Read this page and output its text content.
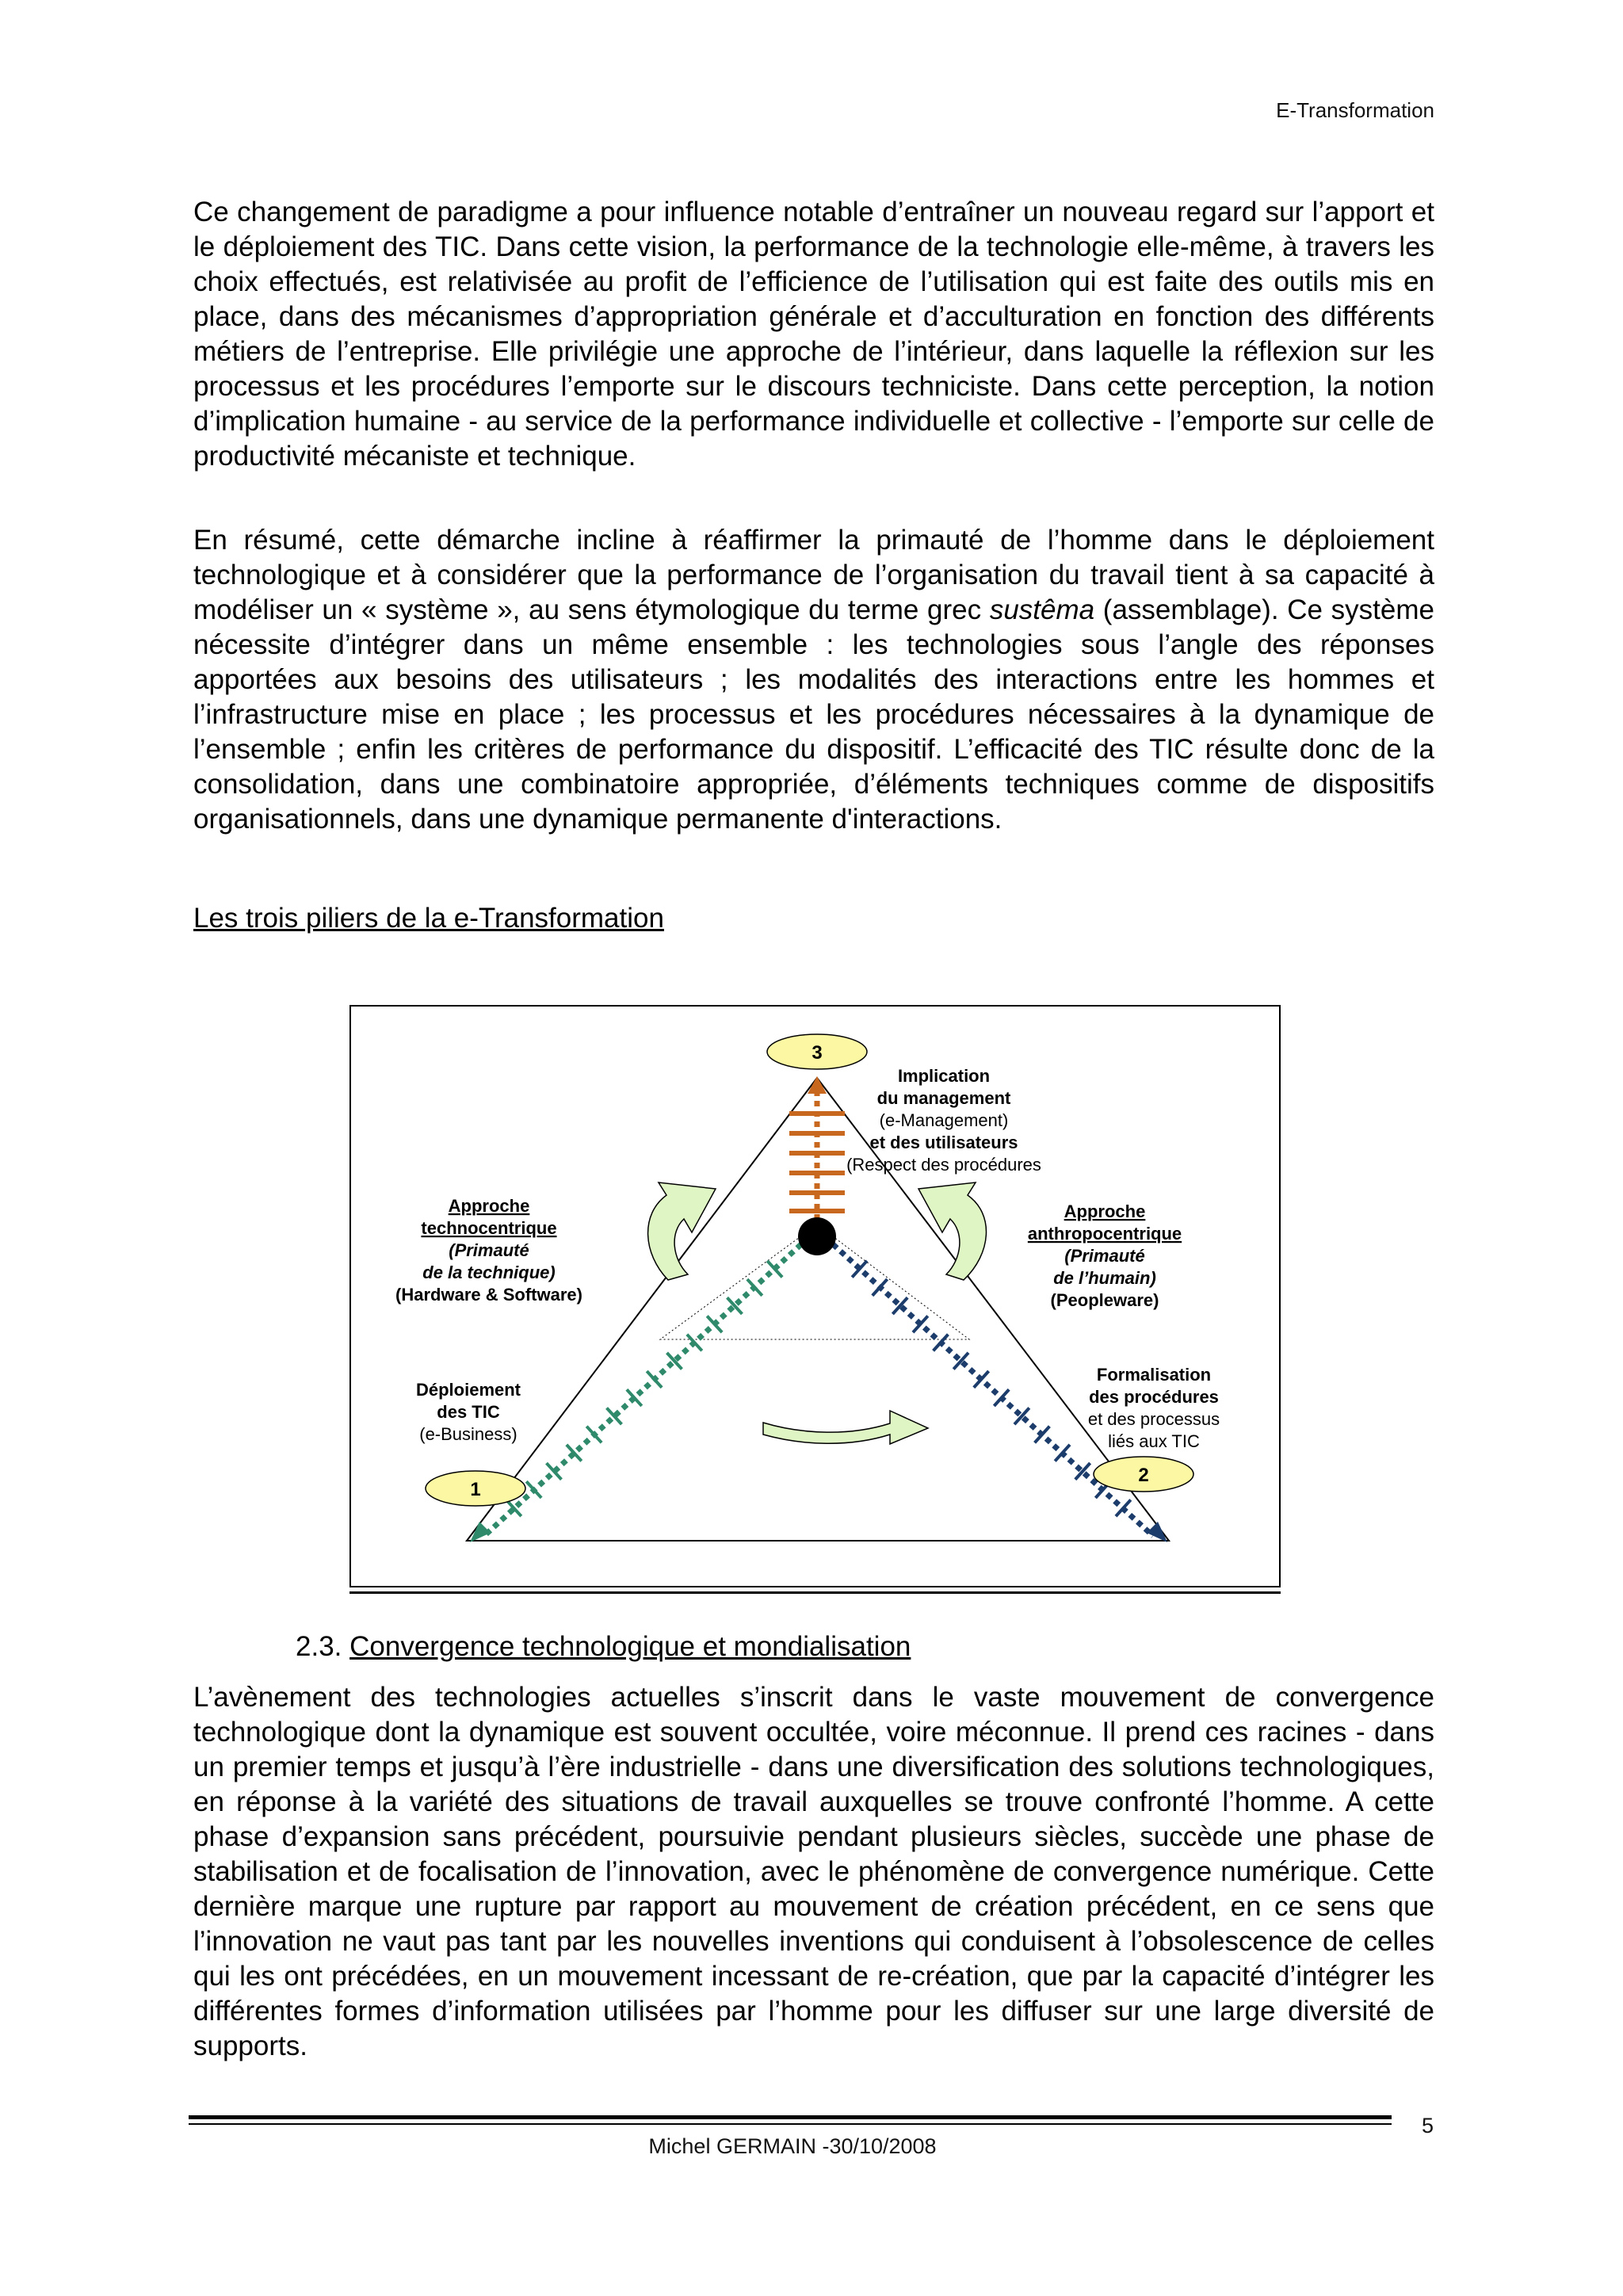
E-Transformation

Ce changement de paradigme a pour influence notable d’entraîner un nouveau regard sur l’apport et le déploiement des TIC. Dans cette vision, la performance de la technologie elle-même, à travers les choix effectués, est relativisée au profit de l’efficience de l’utilisation qui est faite des outils mis en place, dans des mécanismes d’appropriation générale et d’acculturation en fonction des différents métiers de l’entreprise. Elle privilégie une approche de l’intérieur, dans laquelle la réflexion sur les processus et les procédures l’emporte sur le discours techniciste. Dans cette perception, la notion d’implication humaine - au service de la performance individuelle et collective - l’emporte sur celle de productivité mécaniste et technique.

En résumé, cette démarche incline à réaffirmer la primauté de l’homme dans le déploiement technologique et à considérer que la performance de l’organisation du travail tient à sa capacité à modéliser un « système », au sens étymologique du terme grec sustêma (assemblage). Ce système nécessite d’intégrer dans un même ensemble : les technologies sous l’angle des réponses apportées aux besoins des utilisateurs ; les modalités des interactions entre les hommes et l’infrastructure mise en place ; les processus et les procédures nécessaires à la dynamique de l’ensemble ; enfin les critères de performance du dispositif. L’efficacité des TIC résulte donc de la consolidation, dans une combinatoire appropriée, d’éléments techniques comme de dispositifs organisationnels, dans une dynamique permanente d'interactions.

Les trois piliers de la e-Transformation
3
1
2
Implication
du management
(e-Management)
et des utilisateurs
(Respect des procédures
Approche
technocentrique
(Primauté
de la technique)
(Hardware & Software)
Approche
anthropocentrique
(Primauté
de l’humain)
(Peopleware)
Déploiement
des TIC
(e-Business)
Formalisation
des procédures
et des processus
liés aux TIC
2.3. Convergence technologique et mondialisation

L’avènement des technologies actuelles s’inscrit dans le vaste mouvement de convergence technologique dont la dynamique est souvent occultée, voire méconnue. Il prend ces racines - dans un premier temps et jusqu’à l’ère industrielle - dans une diversification des solutions technologiques, en réponse à la variété des situations de travail auxquelles se trouve confronté l’homme. A cette phase d’expansion sans précédent, poursuivie pendant plusieurs siècles, succède une phase de stabilisation et de focalisation de l’innovation, avec le phénomène de convergence numérique. Cette dernière marque une rupture par rapport au mouvement de création précédent, en ce sens que l’innovation ne vaut pas tant par les nouvelles inventions qui conduisent à l’obsolescence de celles qui les ont précédées, en un mouvement incessant de re-création, que par la capacité d’intégrer les différentes formes d’information utilisées par l’homme pour les diffuser sur une large diversité de supports.

Michel GERMAIN -30/10/2008
5
